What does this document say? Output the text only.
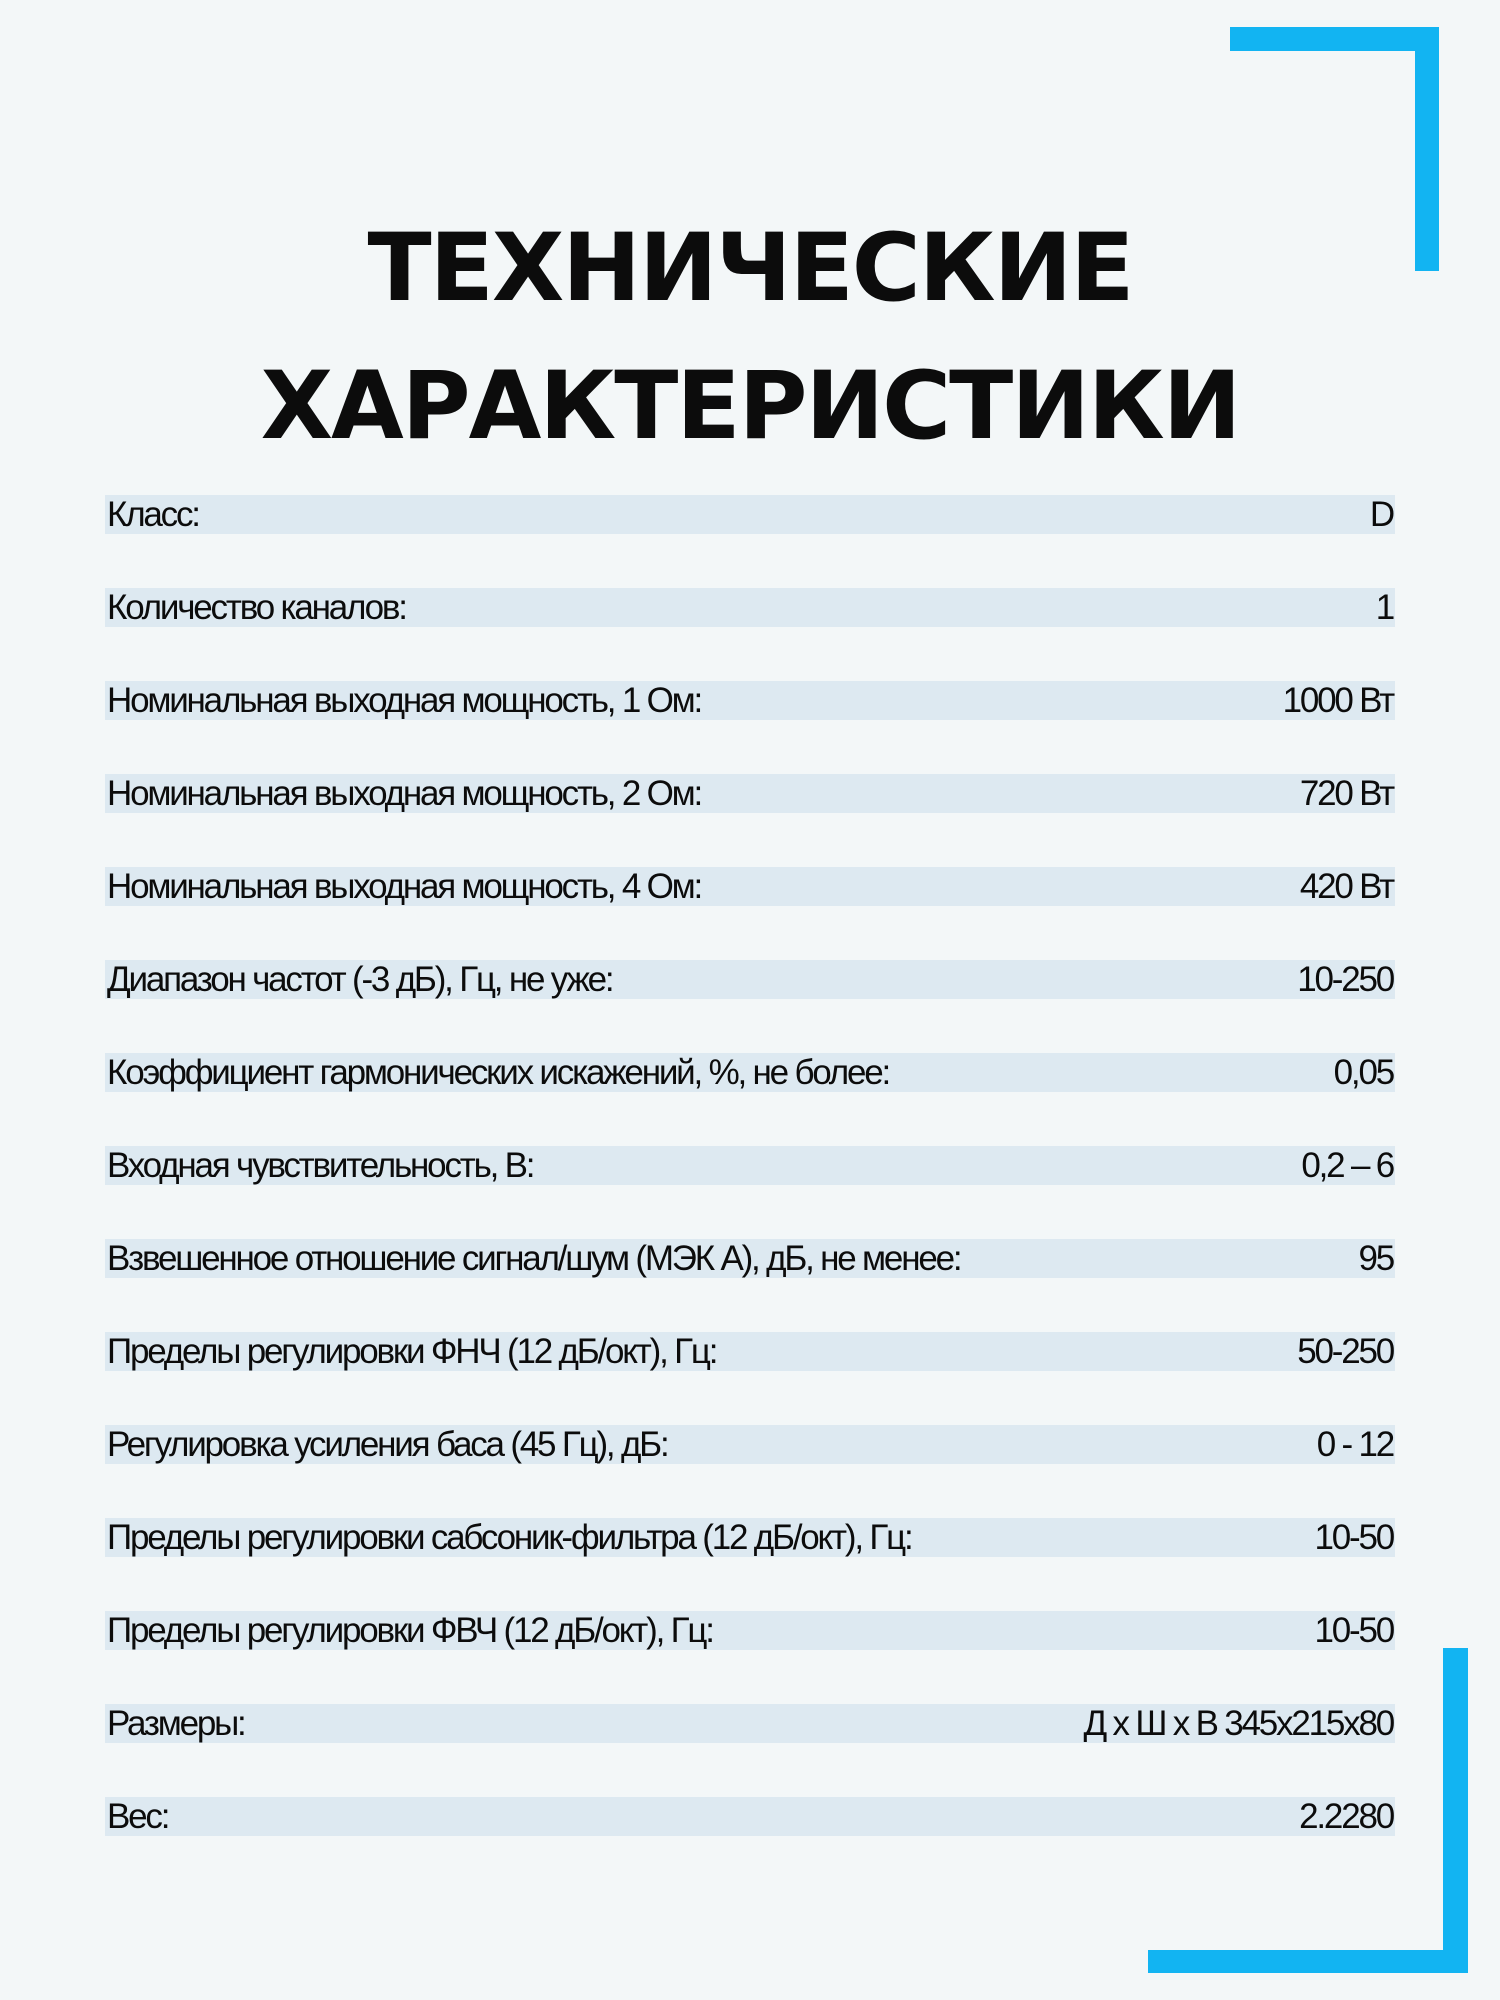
ТЕХНИЧЕСКИЕ
ХАРАКТЕРИСТИКИ
Класс:	D
Количество каналов:	1
Номинальная выходная мощность, 1 Ом:	1000 Вт
Номинальная выходная мощность, 2 Ом:	720 Вт
Номинальная выходная мощность, 4 Ом:	420 Вт
Диапазон частот (-3 дБ), Гц, не уже:	10-250
Коэффициент гармонических искажений, %, не более:	0,05
Входная чувствительность, В:	0,2 – 6
Взвешенное отношение сигнал/шум (МЭК А), дБ, не менее:	95
Пределы регулировки ФНЧ (12 дБ/окт), Гц:	50-250
Регулировка усиления баса (45 Гц), дБ:	0 - 12
Пределы регулировки сабсоник-фильтра (12 дБ/окт), Гц:	10-50
Пределы регулировки ФВЧ (12 дБ/окт), Гц:	10-50
Размеры:	Д х Ш х В 345х215х80
Вес:	2.2280
